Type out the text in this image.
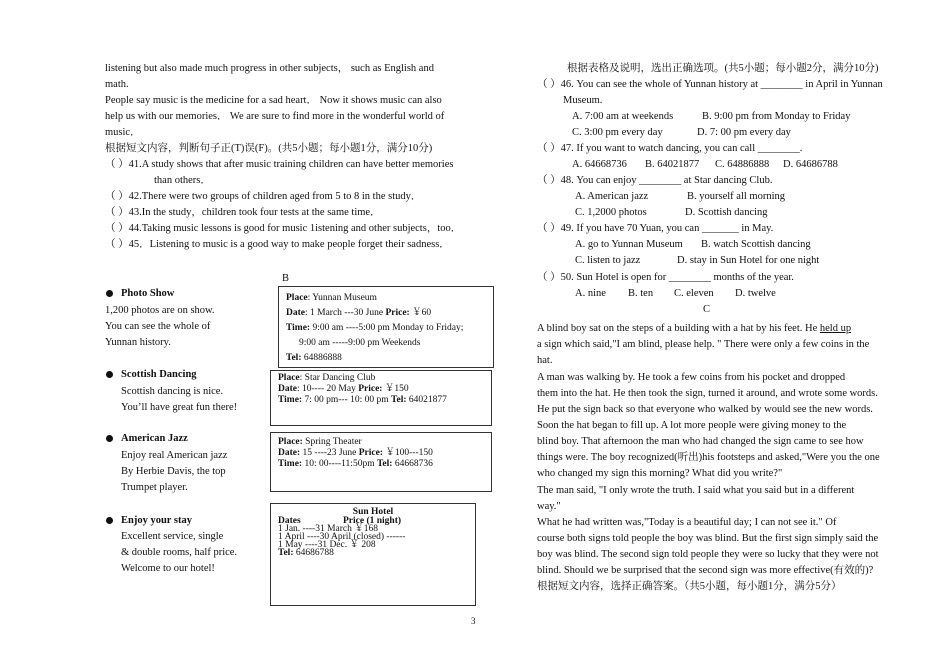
listening but also made much progress in other subjects， such as English and
math.
People say music is the medicine for a sad heart． Now it shows music can also
help us with our memories． We are sure to find more in the wonderful world of
music．
根据短文内容，判断句子正(T)误(F)。(共5小题；每小题1分，满分10分)
（ ）41.A study shows that after music training children can have better memories
than others．
（ ）42.There were two groups of children aged from 5 to 8 in the study．
（ ）43.In the study，children took four tests at the same time．
（ ）44.Taking music lessons is good for music 1istening and other subjects，too．
（ ）45．Listening to music is a good way to make people forget their sadness．
B
Photo Show
1,200 photos are on show.
You can see the whole of
Yunnan history.
Scottish Dancing
Scottish dancing is nice.
You’ll have great fun there!
American Jazz
Enjoy real American jazz
By Herbie Davis, the top
Trumpet player.
Enjoy your stay
Excellent service, single
& double rooms, half price.
Welcome to our hotel!
Place: Yunnan Museum
Date: 1 March ---30 June Price: ￥60
Time: 9:00 am ----5:00 pm Monday to Friday;
9:00 am -----9:00 pm Weekends
Tel: 64886888
Place: Star Dancing Club
Date: 10---- 20 May Price: ￥150
Time: 7: 00 pm--- 10: 00 pm Tel: 64021877
Place: Spring Theater
Date: 15 ----23 June Price: ￥100---150
Time: 10: 00----11:50pm Tel: 64668736
Sun Hotel
Dates	Price (1 night)
1 Jan. ----31 March ￥168
1 April ----30 April (closed) ------
1 May ----31 Dec. ￥ 208
Tel: 64686788
根据表格及说明，选出正确选项。(共5小题；每小题2分，满分10分)
（ ）46. You can see the whole of Yunnan history at ________ in April in Yunnan
Museum.
A. 7:00 am at weekends	B. 9:00 pm from Monday to Friday
C. 3:00 pm every day	D. 7: 00 pm every day
（ ）47. If you want to watch dancing, you can call ________.
A. 64668736 B. 64021877 C. 64886888 D. 64686788
（ ）48. You can enjoy ________ at Star dancing Club.
A. American jazz	B. yourself all morning
C. 1,2000 photos	D. Scottish dancing
（ ）49. If you have 70 Yuan, you can _______ in May.
A. go to Yunnan Museum B. watch Scottish dancing
C. listen to jazz	D. stay in Sun Hotel for one night
（ ）50. Sun Hotel is open for ________ months of the year.
A. nine B. ten C. eleven D. twelve
C
A blind boy sat on the steps of a building with a hat by his feet. He held up
a sign which said,"I am blind, please help. " There were only a few coins in the
hat.
A man was walking by. He took a few coins from his pocket and dropped
them into the hat. He then took the sign, turned it around, and wrote some words.
He put the sign back so that everyone who walked by would see the new words.
Soon the hat began to fill up. A lot more people were giving money to the
blind boy. That afternoon the man who had changed the sign came to see how
things were. The boy recognized(听出)his footsteps and asked,"Were you the one
who changed my sign this morning? What did you write?"
The man said, "I only wrote the truth. I said what you said but in a different
way."
What he had written was,"Today is a beautiful day; I can not see it." Of
course both signs told people the boy was blind. But the first sign simply said the
boy was blind. The second sign told people they were so lucky that they were not
blind. Should we be surprised that the second sign was more effective(有效的)?
根据短文内容，选择正确答案。（共5小题，每小题1分，满分5分）
3
